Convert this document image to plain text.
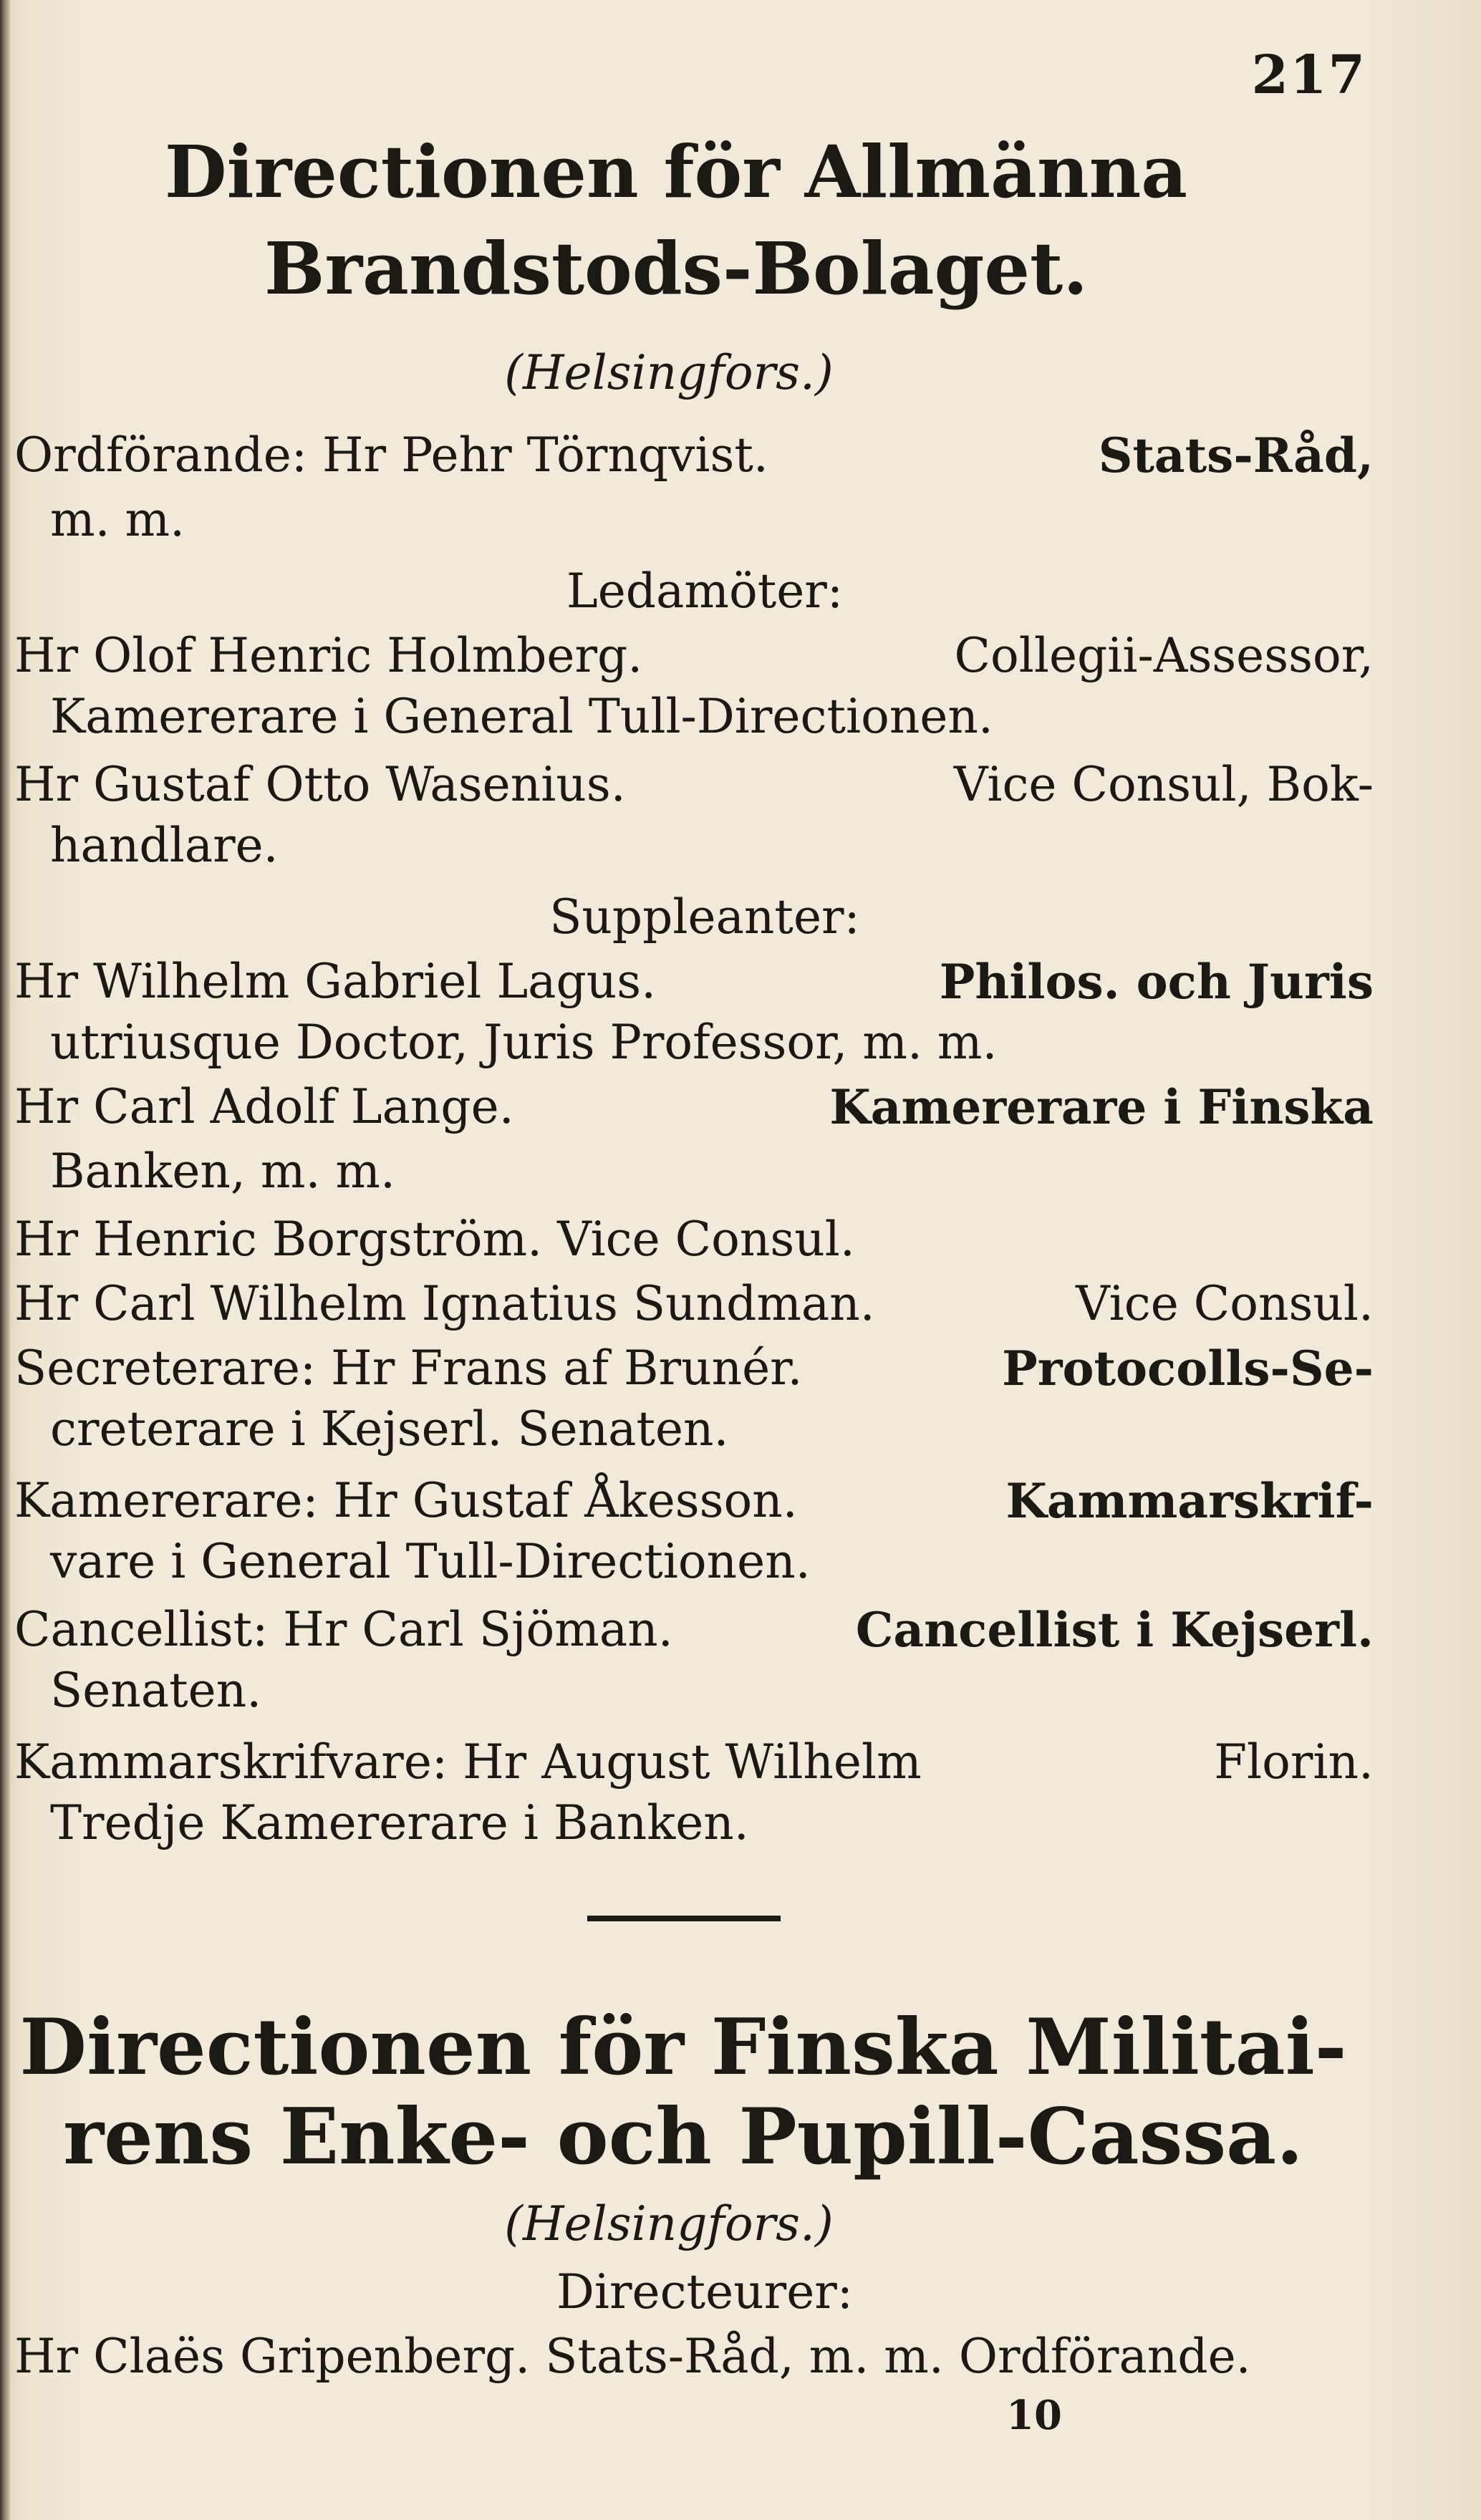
217
Directionen för Allmänna
Brandstods-Bolaget.
(Helsingfors.)
Ordförande: Hr Pehr Törnqvist.	Stats-Råd,
m. m.
Ledamöter:
Hr Olof Henric Holmberg.	Collegii-Assessor,
Kamererare i General Tull-Directionen.
Hr Gustaf Otto Wasenius.	Vice Consul, Bok-
handlare.
Suppleanter:
Hr Wilhelm Gabriel Lagus.	Philos. och Juris
utriusque Doctor, Juris Professor, m. m.
Hr Carl Adolf Lange.	Kamererare i Finska
Banken, m. m.
Hr Henric Borgström. Vice Consul.
Hr Carl Wilhelm Ignatius Sundman.	Vice Consul.
Secreterare: Hr Frans af Brunér.	Protocolls-Se-
creterare i Kejserl. Senaten.
Kamererare: Hr Gustaf Åkesson.	Kammarskrif-
vare i General Tull-Directionen.
Cancellist: Hr Carl Sjöman.	Cancellist i Kejserl.
Senaten.
Kammarskrifvare: Hr August Wilhelm	Florin.
Tredje Kamererare i Banken.
Directionen för Finska Militai-
rens Enke- och Pupill-Cassa.
(Helsingfors.)
Directeurer:
Hr Claës Gripenberg. Stats-Råd, m. m. Ordförande.
10
